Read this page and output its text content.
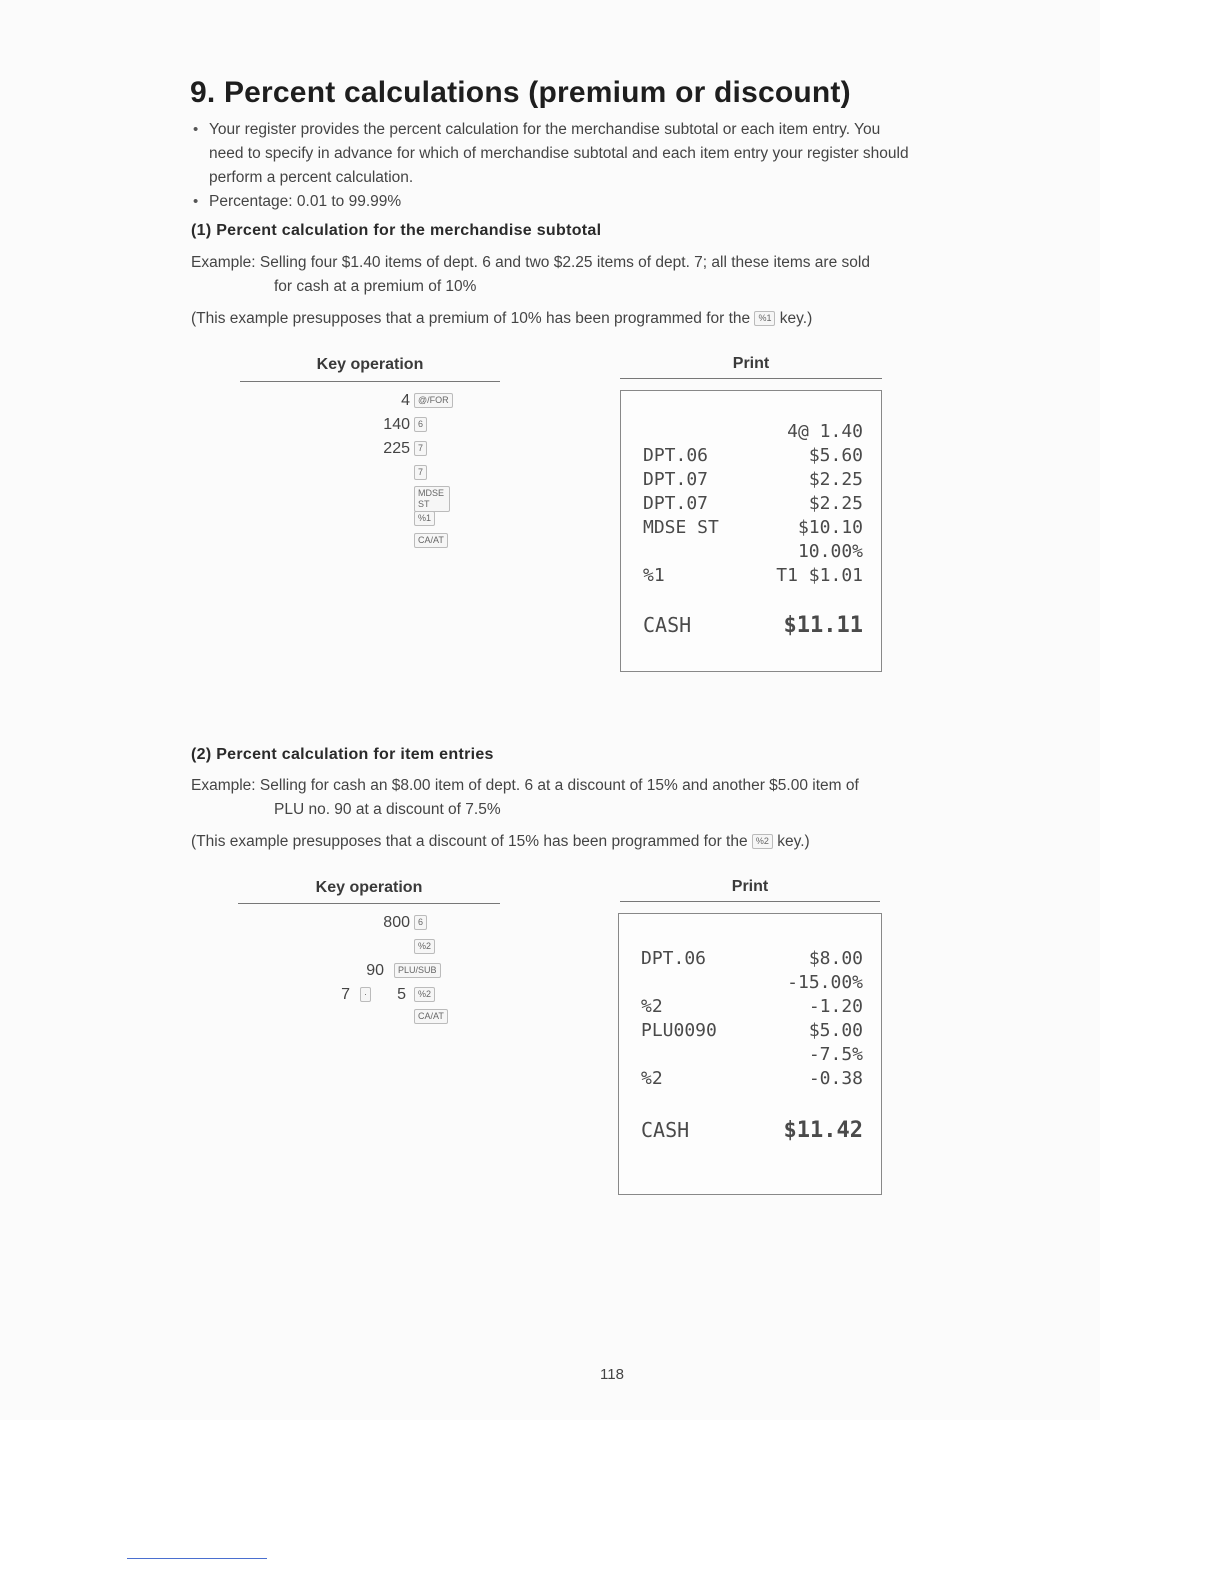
9. Percent calculations (premium or discount)
• Your register provides the percent calculation for the merchandise subtotal or each item entry. You
need to specify in advance for which of merchandise subtotal and each item entry your register should
perform a percent calculation.
• Percentage: 0.01 to 99.99%
(1) Percent calculation for the merchandise subtotal
Example: Selling four $1.40 items of dept. 6 and two $2.25 items of dept. 7; all these items are sold
for cash at a premium of 10%
(This example presupposes that a premium of 10% has been programmed for the %1 key.)
Key operation	Print
4 @/FOR
140 6
225 7
7
MDSE ST
%1
CA/AT
4@ 1.40
DPT.06	$5.60
DPT.07	$2.25
DPT.07	$2.25
MDSE ST	$10.10
10.00%
%1	T1 $1.01
CASH	$11.11
(2) Percent calculation for item entries
Example: Selling for cash an $8.00 item of dept. 6 at a discount of 15% and another $5.00 item of
PLU no. 90 at a discount of 7.5%
(This example presupposes that a discount of 15% has been programmed for the %2 key.)
Key operation	Print
800 6
%2
90	PLU/SUB
7	· 5	%2
CA/AT
DPT.06	$8.00
-15.00%
%2	-1.20
PLU0090	$5.00
-7.5%
%2	-0.38
CASH	$11.42
118
